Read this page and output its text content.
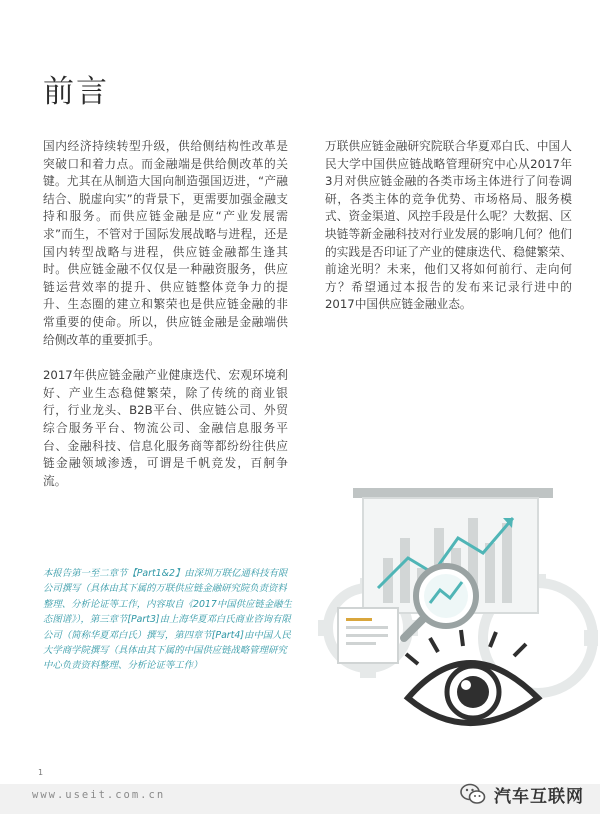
前言

国内经济持续转型升级，供给侧结构性改革是突破口和着力点。而金融端是供给侧改革的关键。尤其在从制造大国向制造强国迈进，“产融结合、脱虚向实”的背景下，更需要加强金融支持和服务。而供应链金融是应“产业发展需求”而生，不管对于国际发展战略与进程，还是国内转型战略与进程，供应链金融都生逢其时。供应链金融不仅仅是一种融资服务，供应链运营效率的提升、供应链整体竞争力的提升、生态圈的建立和繁荣也是供应链金融的非常重要的使命。所以，供应链金融是金融端供给侧改革的重要抓手。

2017年供应链金融产业健康迭代、宏观环境利好、产业生态稳健繁荣，除了传统的商业银行，行业龙头、B2B平台、供应链公司、外贸综合服务平台、物流公司、金融信息服务平台、金融科技、信息化服务商等都纷纷往供应链金融领域渗透，可谓是千帆竞发，百舸争流。

万联供应链金融研究院联合华夏邓白氏、中国人民大学中国供应链战略管理研究中心从2017年3月对供应链金融的各类市场主体进行了问卷调研，各类主体的竞争优势、市场格局、服务模式、资金渠道、风控手段是什么呢？大数据、区块链等新金融科技对行业发展的影响几何？他们的实践是否印证了产业的健康迭代、稳健繁荣、前途光明？未来，他们又将如何前行、走向何方？希望通过本报告的发布来记录行进中的2017中国供应链金融业态。

本报告第一至二章节【Part1&2】由深圳万联亿通科技有限公司撰写（具体由其下属的万联供应链金融研究院负责资料整理、分析论证等工作，内容取自《2017中国供应链金融生态图谱》），第三章节[Part3]由上海华夏邓白氏商业咨询有限公司（简称华夏邓白氏）撰写，第四章节[Part4]由中国人民大学商学院撰写（具体由其下属的中国供应链战略管理研究中心负责资料整理、分析论证等工作）
1
www.useit.com.cn	汽车互联网
